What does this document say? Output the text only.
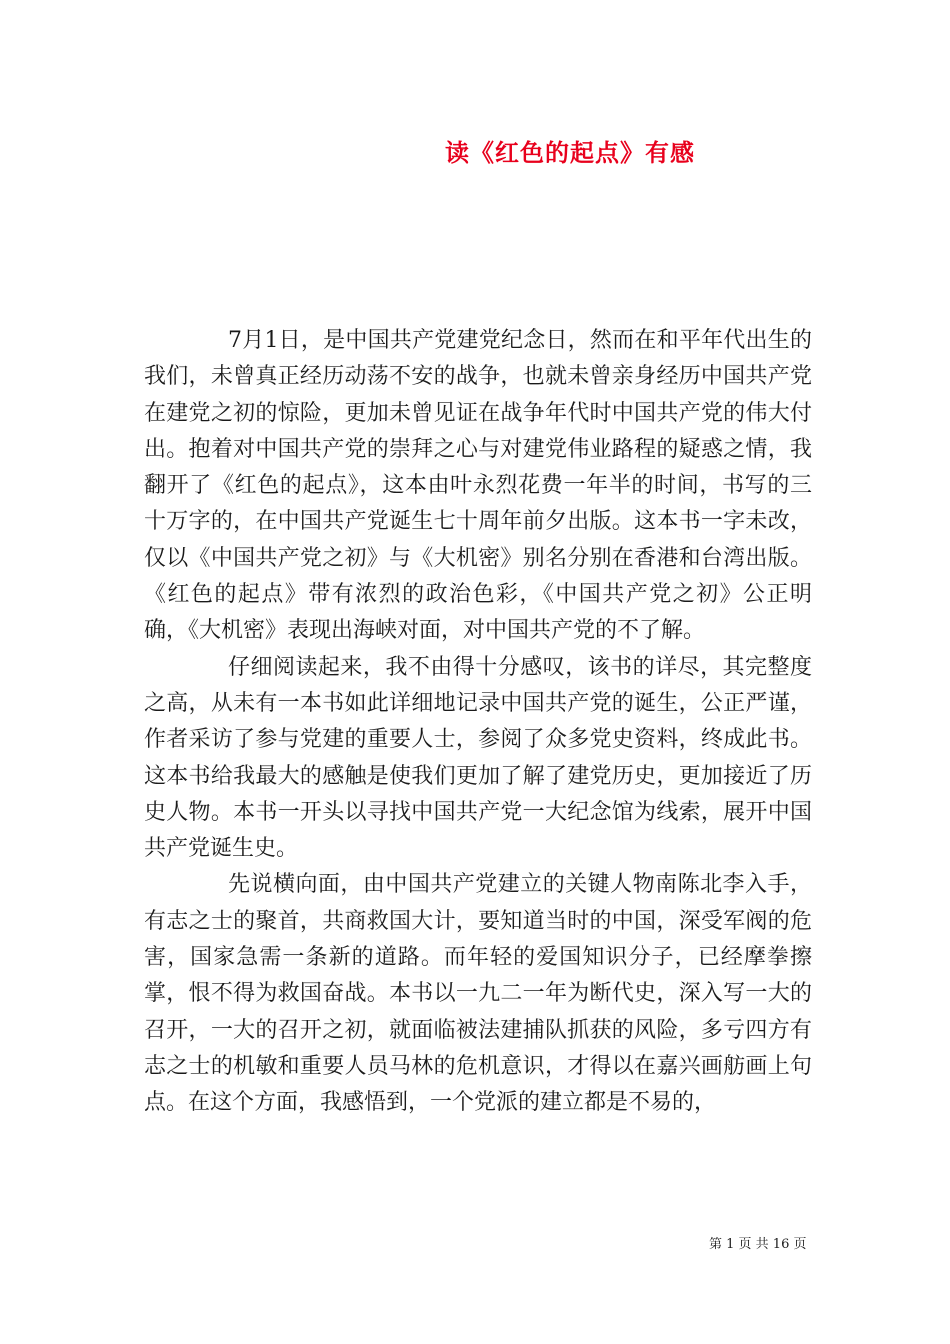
读《红色的起点》有感

7月1日，是中国共产党建党纪念日，然而在和平年代出生的我们，未曾真正经历动荡不安的战争，也就未曾亲身经历中国共产党在建党之初的惊险，更加未曾见证在战争年代时中国共产党的伟大付出。抱着对中国共产党的崇拜之心与对建党伟业路程的疑惑之情，我翻开了《红色的起点》，这本由叶永烈花费一年半的时间，书写的三十万字的，在中国共产党诞生七十周年前夕出版。这本书一字未改，仅以《中国共产党之初》与《大机密》别名分别在香港和台湾出版。《红色的起点》带有浓烈的政治色彩，《中国共产党之初》公正明确，《大机密》表现出海峡对面，对中国共产党的不了解。

仔细阅读起来，我不由得十分感叹，该书的详尽，其完整度之高，从未有一本书如此详细地记录中国共产党的诞生，公正严谨，作者采访了参与党建的重要人士，参阅了众多党史资料，终成此书。这本书给我最大的感触是使我们更加了解了建党历史，更加接近了历史人物。本书一开头以寻找中国共产党一大纪念馆为线索，展开中国共产党诞生史。

先说横向面，由中国共产党建立的关键人物南陈北李入手，有志之士的聚首，共商救国大计，要知道当时的中国，深受军阀的危害，国家急需一条新的道路。而年轻的爱国知识分子，已经摩拳擦掌，恨不得为救国奋战。本书以一九二一年为断代史，深入写一大的召开，一大的召开之初，就面临被法建捕队抓获的风险，多亏四方有志之士的机敏和重要人员马林的危机意识，才得以在嘉兴画舫画上句点。在这个方面，我感悟到，一个党派的建立都是不易的，

第 1 页 共 16 页
